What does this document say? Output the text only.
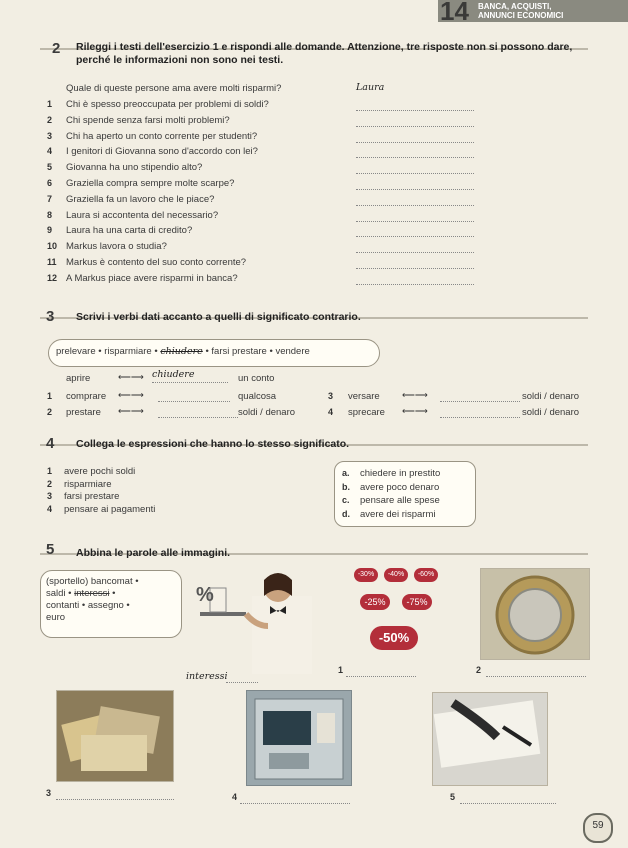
14 BANCA, ACQUISTI,
ANNUNCI ECONOMICI
2 Rileggi i testi dell'esercizio 1 e rispondi alle domande. Attenzione, tre risposte non si possono dare,
perché le informazioni non sono nei testi.
Quale di queste persone ama avere molti risparmi?	Laura
1 Chi è spesso preoccupata per problemi di soldi?
2 Chi spende senza farsi molti problemi?
3 Chi ha aperto un conto corrente per studenti?
4 I genitori di Giovanna sono d'accordo con lei?
5 Giovanna ha uno stipendio alto?
6 Graziella compra sempre molte scarpe?
7 Graziella fa un lavoro che le piace?
8 Laura si accontenta del necessario?
9 Laura ha una carta di credito?
10 Markus lavora o studia?
11 Markus è contento del suo conto corrente?
12 A Markus piace avere risparmi in banca?
3 Scrivi i verbi dati accanto a quelli di significato contrario.
prelevare • risparmiare • chiudere • farsi prestare • vendere
aprire	⟵⟶ chiudere	un conto
1 comprare ⟵⟶	qualcosa	3 versare ⟵⟶	soldi / denaro
2 prestare ⟵⟶	soldi / denaro	4 sprecare ⟵⟶	soldi / denaro
4 Collega le espressioni che hanno lo stesso significato.
1 avere pochi soldi
2 risparmiare
3 farsi prestare
4 pensare ai pagamenti
a. chiedere in prestito
b. avere poco denaro
c. pensare alle spese
d. avere dei risparmi
5 Abbina le parole alle immagini.
(sportello) bancomat •
saldi • interessi •
contanti • assegno •
euro
%
interessi
-30%	-40%	-60%
-25%	-75%
-50%
1	2
3	4	5
59
